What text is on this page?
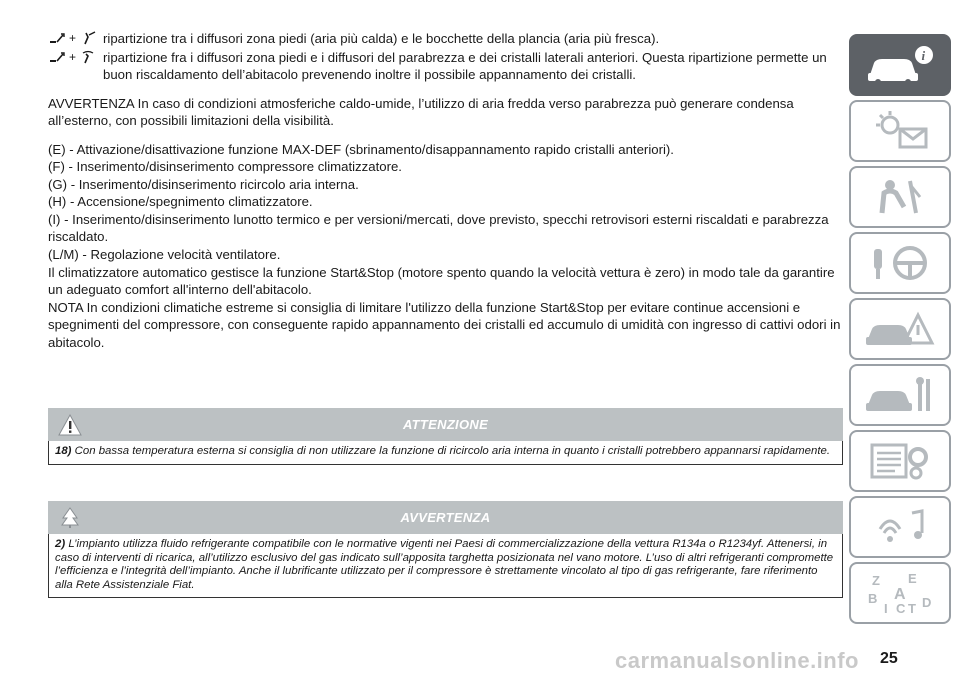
+ ripartizione tra i diffusori zona piedi (aria più calda) e le bocchette della plancia (aria più fresca).

+ ripartizione fra i diffusori zona piedi e i diffusori del parabrezza e dei cristalli laterali anteriori. Questa ripartizione permette un buon riscaldamento dell’abitacolo prevenendo inoltre il possibile appannamento dei cristalli.

AVVERTENZA In caso di condizioni atmosferiche caldo-umide, l’utilizzo di aria fredda verso parabrezza può generare condensa all’esterno, con possibili limitazioni della visibilità.

(E) - Attivazione/disattivazione funzione MAX-DEF (sbrinamento/disappannamento rapido cristalli anteriori).

(F) - Inserimento/disinserimento compressore climatizzatore.

(G) - Inserimento/disinserimento ricircolo aria interna.

(H) - Accensione/spegnimento climatizzatore.

(I) - Inserimento/disinserimento lunotto termico e per versioni/mercati, dove previsto, specchi retrovisori esterni riscaldati e parabrezza riscaldato.

(L/M) - Regolazione velocità ventilatore.

Il climatizzatore automatico gestisce la funzione Start&Stop (motore spento quando la velocità vettura è zero) in modo tale da garantire un adeguato comfort all'interno dell'abitacolo.

NOTA In condizioni climatiche estreme si consiglia di limitare l'utilizzo della funzione Start&Stop per evitare continue accensioni e spegnimenti del compressore, con conseguente rapido appannamento dei cristalli ed accumulo di umidità con ingresso di cattivi odori in abitacolo.

ATTENZIONE
18) Con bassa temperatura esterna si consiglia di non utilizzare la funzione di ricircolo aria interna in quanto i cristalli potrebbero appannarsi rapidamente.
AVVERTENZA
2) L’impianto utilizza fluido refrigerante compatibile con le normative vigenti nei Paesi di commercializzazione della vettura R134a o R1234yf. Attenersi, in caso di interventi di ricarica, all’utilizzo esclusivo del gas indicato sull’apposita targhetta posizionata nel vano motore. L’uso di altri refrigeranti compromette l’efficienza e l’integrità dell’impianto. Anche il lubrificante utilizzato per il compressore è strettamente vincolato al tipo di gas refrigerante, fare riferimento alla Rete Assistenziale Fiat.
i
Z E
A
B
I C T D
carmanualsonline.info 25
